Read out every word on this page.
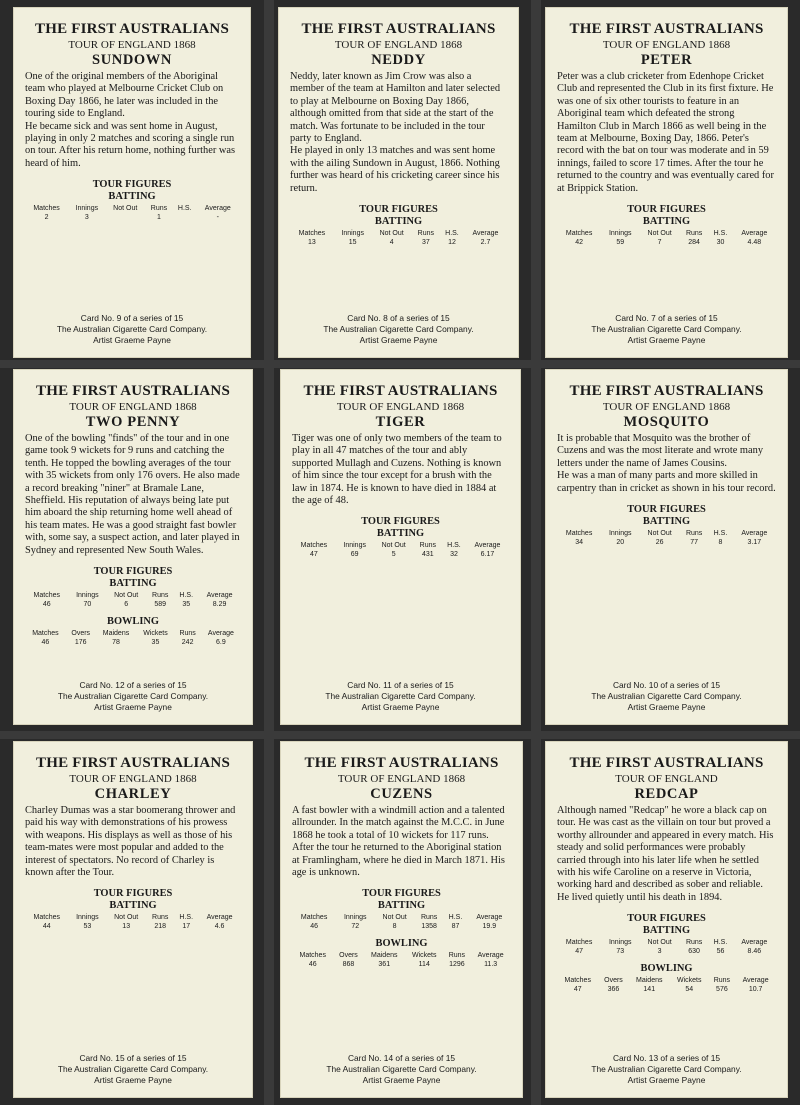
THE FIRST AUSTRALIANS
TOUR OF ENGLAND 1868
SUNDOWN

One of the original members of the Aboriginal team who played at Melbourne Cricket Club on Boxing Day 1866, he later was included in the touring side to England.

He became sick and was sent home in August, playing in only 2 matches and scoring a single run on tour. After his return home, nothing further was heard of him.

TOUR FIGURES
BATTING
Matches	Innings	Not Out	Runs	H.S.	Average
2	3		1		-
Card No. 9 of a series of 15
The Australian Cigarette Card Company.
Artist Graeme Payne
THE FIRST AUSTRALIANS
TOUR OF ENGLAND 1868
NEDDY

Neddy, later known as Jim Crow was also a member of the team at Hamilton and later selected to play at Melbourne on Boxing Day 1866, although omitted from that side at the start of the match. Was fortunate to be included in the tour party to England.

He played in only 13 matches and was sent home with the ailing Sundown in August, 1866. Nothing further was heard of his cricketing career since his return.

TOUR FIGURES
BATTING
Matches	Innings	Not Out	Runs	H.S.	Average
13	15	4	37	12	2.7
Card No. 8 of a series of 15
The Australian Cigarette Card Company.
Artist Graeme Payne
THE FIRST AUSTRALIANS
TOUR OF ENGLAND 1868
PETER

Peter was a club cricketer from Edenhope Cricket Club and represented the Club in its first fixture. He was one of six other tourists to feature in an Aboriginal team which defeated the strong Hamilton Club in March 1866 as well being in the team at Melbourne, Boxing Day, 1866. Peter's record with the bat on tour was moderate and in 59 innings, failed to score 17 times. After the tour he returned to the country and was eventually cared for at Brippick Station.

TOUR FIGURES
BATTING
Matches	Innings	Not Out	Runs	H.S.	Average
42	59	7	284	30	4.48
Card No. 7 of a series of 15
The Australian Cigarette Card Company.
Artist Graeme Payne
THE FIRST AUSTRALIANS
TOUR OF ENGLAND 1868
TWO PENNY

One of the bowling "finds" of the tour and in one game took 9 wickets for 9 runs and catching the tenth. He topped the bowling averages of the tour with 35 wickets from only 176 overs. He also made a record breaking "niner" at Bramale Lane, Sheffield. His reputation of always being late put him aboard the ship returning home well ahead of his team mates. He was a good straight fast bowler with, some say, a suspect action, and later played in Sydney and represented New South Wales.

TOUR FIGURES
BATTING
Matches	Innings	Not Out	Runs	H.S.	Average
46	70	6	589	35	8.29
BOWLING
Matches	Overs	Maidens	Wickets	Runs	Average
46	176	78	35	242	6.9
Card No. 12 of a series of 15
The Australian Cigarette Card Company.
Artist Graeme Payne
THE FIRST AUSTRALIANS
TOUR OF ENGLAND 1868
TIGER

Tiger was one of only two members of the team to play in all 47 matches of the tour and ably supported Mullagh and Cuzens. Nothing is known of him since the tour except for a brush with the law in 1874. He is known to have died in 1884 at the age of 48.

TOUR FIGURES
BATTING
Matches	Innings	Not Out	Runs	H.S.	Average
47	69	5	431	32	6.17
Card No. 11 of a series of 15
The Australian Cigarette Card Company.
Artist Graeme Payne
THE FIRST AUSTRALIANS
TOUR OF ENGLAND 1868
MOSQUITO

It is probable that Mosquito was the brother of Cuzens and was the most literate and wrote many letters under the name of James Cousins.

He was a man of many parts and more skilled in carpentry than in cricket as shown in his tour record.

TOUR FIGURES
BATTING
Matches	Innings	Not Out	Runs	H.S.	Average
34	20	26	77	8	3.17
Card No. 10 of a series of 15
The Australian Cigarette Card Company.
Artist Graeme Payne
THE FIRST AUSTRALIANS
TOUR OF ENGLAND 1868
CHARLEY

Charley Dumas was a star boomerang thrower and paid his way with demonstrations of his prowess with weapons. His displays as well as those of his team-mates were most popular and added to the interest of spectators. No record of Charley is known after the Tour.

TOUR FIGURES
BATTING
Matches	Innings	Not Out	Runs	H.S.	Average
44	53	13	218	17	4.6
Card No. 15 of a series of 15
The Australian Cigarette Card Company.
Artist Graeme Payne
THE FIRST AUSTRALIANS
TOUR OF ENGLAND 1868
CUZENS

A fast bowler with a windmill action and a talented allrounder. In the match against the M.C.C. in June 1868 he took a total of 10 wickets for 117 runs.

After the tour he returned to the Aboriginal station at Framlingham, where he died in March 1871. His age is unknown.

TOUR FIGURES
BATTING
Matches	Innings	Not Out	Runs	H.S.	Average
46	72	8	1358	87	19.9
BOWLING
Matches	Overs	Maidens	Wickets	Runs	Average
46	868	361	114	1296	11.3
Card No. 14 of a series of 15
The Australian Cigarette Card Company.
Artist Graeme Payne
THE FIRST AUSTRALIANS
TOUR OF ENGLAND
REDCAP

Although named "Redcap" he wore a black cap on tour. He was cast as the villain on tour but proved a worthy allrounder and appeared in every match. His steady and solid performances were probably carried through into his later life when he settled with his wife Caroline on a reserve in Victoria, working hard and described as sober and reliable. He lived quietly until his death in 1894.

TOUR FIGURES
BATTING
Matches	Innings	Not Out	Runs	H.S.	Average
47	73	3	630	56	8.46
BOWLING
Matches	Overs	Maidens	Wickets	Runs	Average
47	366	141	54	576	10.7
Card No. 13 of a series of 15
The Australian Cigarette Card Company.
Artist Graeme Payne
